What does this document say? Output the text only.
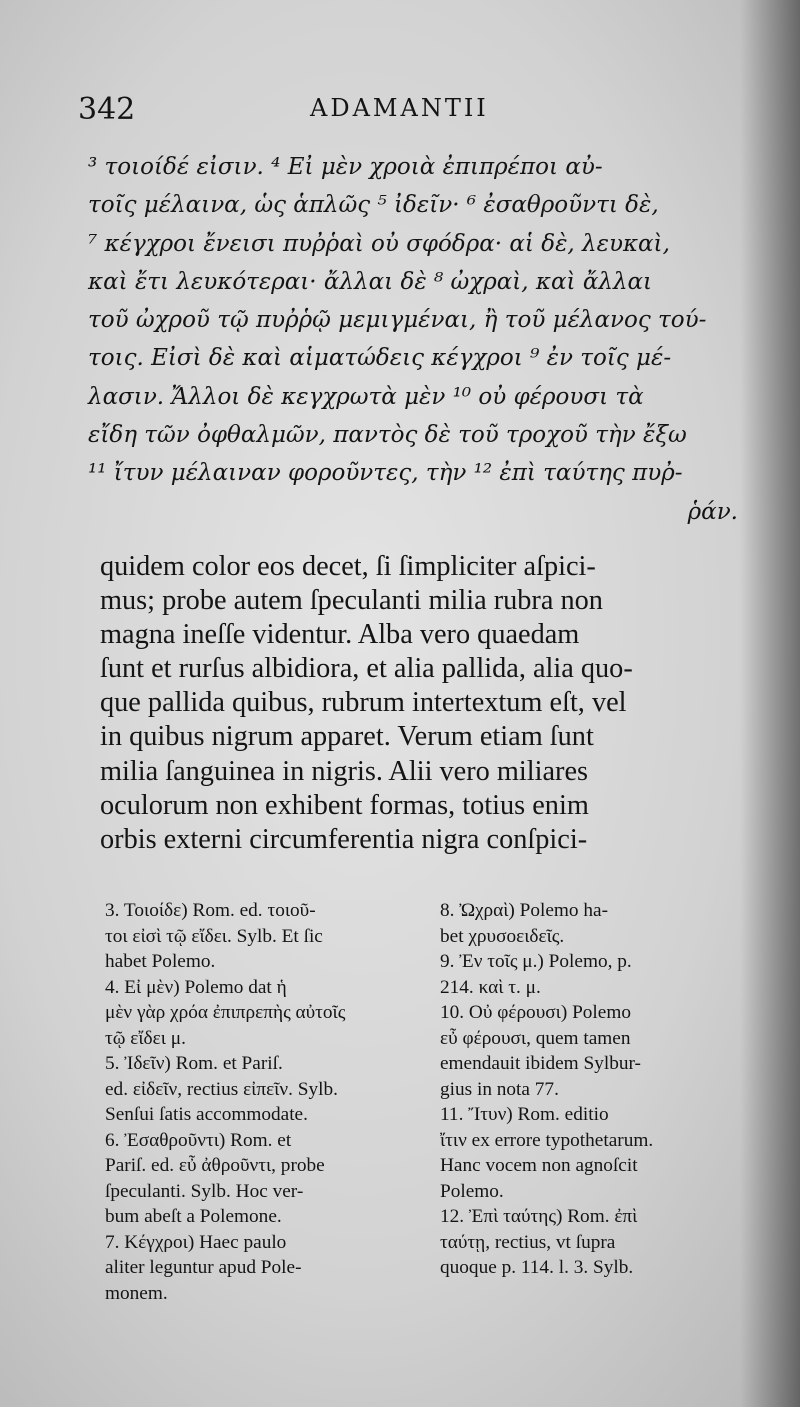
342	ADAMANTII
³ τοιοίδέ εἰσιν. ⁴ Εἰ μὲν χροιὰ ἐπιπρέποι αὐ-
τοῖς μέλαινα, ὡς ἁπλῶς ⁵ ἰδεῖν· ⁶ ἐσαθροῦντι δὲ,
⁷ κέγχροι ἔνεισι πυῤῥαὶ οὐ σφόδρα· αἱ δὲ, λευκαὶ,
καὶ ἔτι λευκότεραι· ἄλλαι δὲ ⁸ ὠχραὶ, καὶ ἄλλαι
τοῦ ὠχροῦ τῷ πυῤῥῷ μεμιγμέναι, ἢ τοῦ μέλανος τού-
τοις. Εἰσὶ δὲ καὶ αἱματώδεις κέγχροι ⁹ ἐν τοῖς μέ-
λασιν. Ἄλλοι δὲ κεγχρωτὰ μὲν ¹⁰ οὐ φέρουσι τὰ
εἴδη τῶν ὀφθαλμῶν, παντὸς δὲ τοῦ τροχοῦ τὴν ἔξω
¹¹ ἴτυν μέλαιναν φοροῦντες, τὴν ¹² ἐπὶ ταύτης πυῤ-
ῥάν.
quidem color eos decet, ſi ſimpliciter aſpici-
mus; probe autem ſpeculanti milia rubra non
magna ineſſe videntur. Alba vero quaedam
ſunt et rurſus albidiora, et alia pallida, alia quo-
que pallida quibus, rubrum intertextum eſt, vel
in quibus nigrum apparet. Verum etiam ſunt
milia ſanguinea in nigris. Alii vero miliares
oculorum non exhibent formas, totius enim
orbis externi circumferentia nigra conſpici-
3. Τοιοίδε) Rom. ed. τοιοῦ-
τοι εἰσὶ τῷ εἴδει. Sylb. Et ſic
habet Polemo.
4. Εἰ μὲν) Polemo dat ἡ
μὲν γὰρ χρόα ἐπιπρεπὴς αὐτοῖς
τῷ εἴδει μ.
5. Ἰδεῖν) Rom. et Pariſ.
ed. εἰδεῖν, rectius εἰπεῖν. Sylb.
Senſui ſatis accommodate.
6. Ἐσαθροῦντι) Rom. et
Pariſ. ed. εὖ ἀθροῦντι, probe
ſpeculanti. Sylb. Hoc ver-
bum abeſt a Polemone.
7. Κέγχροι) Haec paulo
aliter leguntur apud Pole-
monem.
8. Ὠχραὶ) Polemo ha-
bet χρυσοειδεῖς.
9. Ἐν τοῖς μ.) Polemo, p.
214. καὶ τ. μ.
10. Οὐ φέρουσι) Polemo
εὖ φέρουσι, quem tamen
emendauit ibidem Sylbur-
gius in nota 77.
11. Ἴτυν) Rom. editio
ἴτιν ex errore typothetarum.
Hanc vocem non agnoſcit
Polemo.
12. Ἐπὶ ταύτης) Rom. ἐπὶ
ταύτῃ, rectius, vt ſupra
quoque p. 114. l. 3. Sylb.
